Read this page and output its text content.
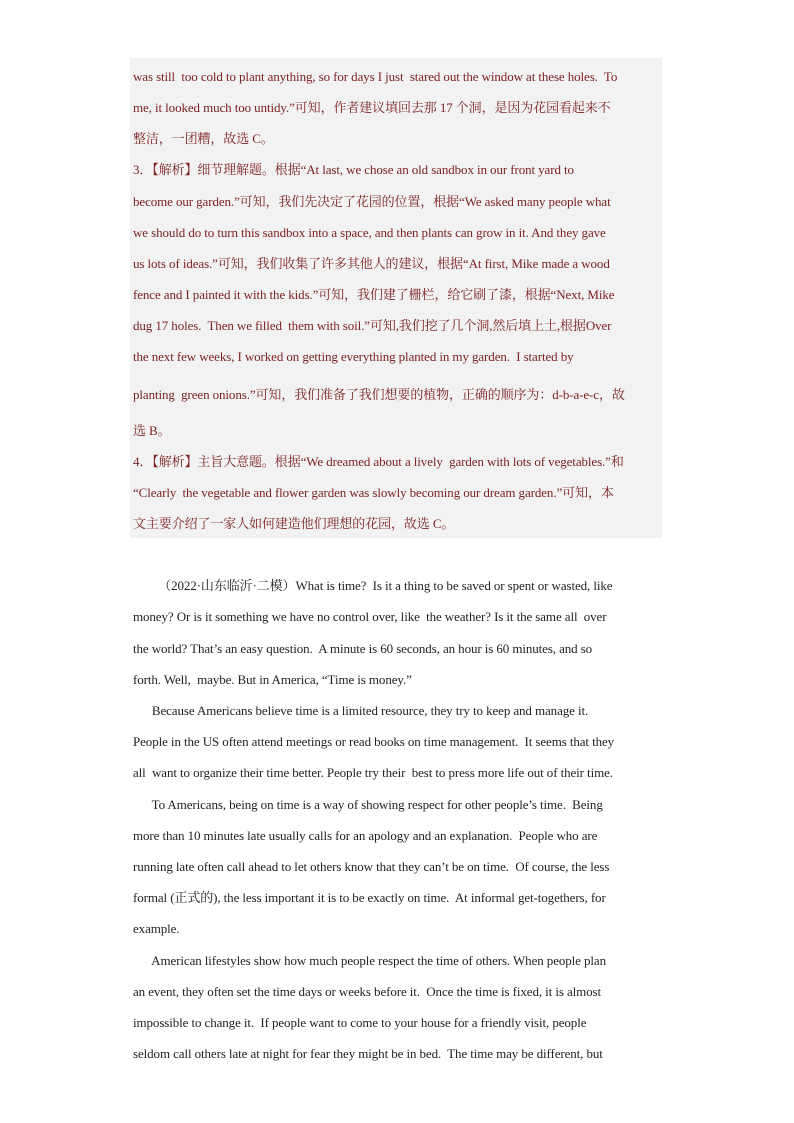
was still  too cold to plant anything, so for days I just  stared out the window at these holes.  To
me, it looked much too untidy.”可知，作者建议填回去那 17 个洞，是因为花园看起来不
整洁，一团糟，故选 C。
3．【解析】细节理解题。根据“At last, we chose an old sandbox in our front yard to
become our garden.”可知，我们先决定了花园的位置，根据“We asked many people what
we should do to turn this sandbox into a space, and then plants can grow in it. And they gave
us lots of ideas.”可知，我们收集了许多其他人的建议，根据“At first, Mike made a wood
fence and I painted it with the kids.”可知，我们建了栅栏，给它刷了漆，根据“Next, Mike
dug 17 holes.  Then we filled  them with soil.”可知,我们挖了几个洞,然后填上土,根据Over
the next few weeks, I worked on getting everything planted in my garden.  I started by
planting  green onions.”可知，我们准备了我们想要的植物，正确的顺序为：d-b-a-e-c，故
选 B。
4．【解析】主旨大意题。根据“We dreamed about a lively  garden with lots of vegetables.”和
“Clearly  the vegetable and flower garden was slowly becoming our dream garden.”可知，本
文主要介绍了一家人如何建造他们理想的花园，故选 C。
（2022·山东临沂·二模）What is time?  Is it a thing to be saved or spent or wasted, like
money? Or is it something we have no control over, like  the weather? Is it the same all  over
the world? That’s an easy question.  A minute is 60 seconds, an hour is 60 minutes, and so
forth. Well,  maybe. But in America, “Time is money.”
Because Americans believe time is a limited resource, they try to keep and manage it.
People in the US often attend meetings or read books on time management.  It seems that they
all  want to organize their time better. People try their  best to press more life out of their time.
To Americans, being on time is a way of showing respect for other people’s time.  Being
more than 10 minutes late usually calls for an apology and an explanation.  People who are
running late often call ahead to let others know that they can’t be on time.  Of course, the less
formal (正式的), the less important it is to be exactly on time.  At informal get-togethers, for
example.
American lifestyles show how much people respect the time of others. When people plan
an event, they often set the time days or weeks before it.  Once the time is fixed, it is almost
impossible to change it.  If people want to come to your house for a friendly visit, people
seldom call others late at night for fear they might be in bed.  The time may be different, but
